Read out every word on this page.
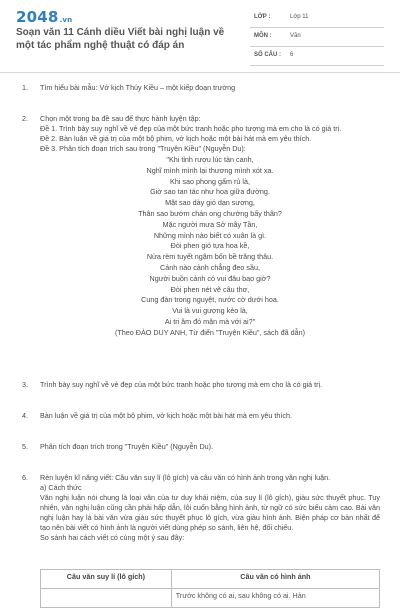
2048.vn
Soạn văn 11 Cánh diều Viết bài nghị luận về một tác phẩm nghệ thuật có đáp án
LỚP :	Lớp 11
MÔN :	Văn
SỐ CÂU : 6
1. Tìm hiểu bài mẫu: Vở kịch Thúy Kiều – một kiếp đoạn trường
2. Chọn một trong ba đề sau để thực hành luyện tập:
Đề 1. Trình bày suy nghĩ về vẻ đẹp của một bức tranh hoặc pho tượng mà em cho là có giá trị.
Đề 2. Bàn luận về giá trị của một bộ phim, vở kịch hoặc một bài hát mà em yêu thích.
Đề 3. Phân tích đoạn trích sau trong "Truyện Kiều" (Nguyễn Du):
"Khi tỉnh rượu lúc tàn canh,
Nghĩ mình mình lại thương mình xót xa.
Khi sao phong gấm rủ là,
Giờ sao tan tác như hoa giữa đường.
Mặt sao dày gió dạn sương,
Thân sao bướm chán ong chường bấy thân?
Mặc người mưa Sở mây Tần,
Những mình nào biết có xuân là gì.
Đòi phen gió tựa hoa kề,
Nửa rèm tuyết ngậm bốn bề trăng thâu.
Cảnh nào cảnh chẳng đeo sầu,
Người buồn cảnh có vui đâu bao giờ?
Đòi phen nét vẽ câu thơ,
Cung đàn trong nguyệt, nước cờ dưới hoa.
Vui là vui gượng kẻo là,
Ai tri âm đó mặn mà với ai?"
(Theo ĐÀO DUY ANH, Từ điển "Truyện Kiều", sách đã dẫn)
3. Trình bày suy nghĩ về vẻ đẹp của một bức tranh hoặc pho tượng mà em cho là có giá trị.
4. Bàn luận về giá trị của một bộ phim, vở kịch hoặc một bài hát mà em yêu thích.
5. Phân tích đoạn trích trong "Truyện Kiều" (Nguyễn Du).
6. Rèn luyện kĩ năng viết: Câu văn suy lí (lô gích) và câu văn có hình ảnh trong văn nghị luận.
a) Cách thức
Văn nghị luận nói chung là loại văn của tư duy khái niệm, của suy lí (lô gích), giàu sức thuyết phục. Tuy nhiên, văn nghị luận cũng cần phải hấp dẫn, lôi cuốn bằng hình ảnh, từ ngữ có sức biểu cảm cao. Bài văn nghị luận hay là bài văn vừa giàu sức thuyết phục lô gích, vừa giàu hình ảnh. Biện pháp cơ bản nhất để tạo nên bài viết có hình ảnh là người viết dùng phép so sánh, liên hệ, đối chiếu.
So sánh hai cách viết có cùng một ý sau đây:
Câu văn suy lí (lô gích)	Câu văn có hình ảnh
	Trước không có ai, sau không có ai. Hàn
